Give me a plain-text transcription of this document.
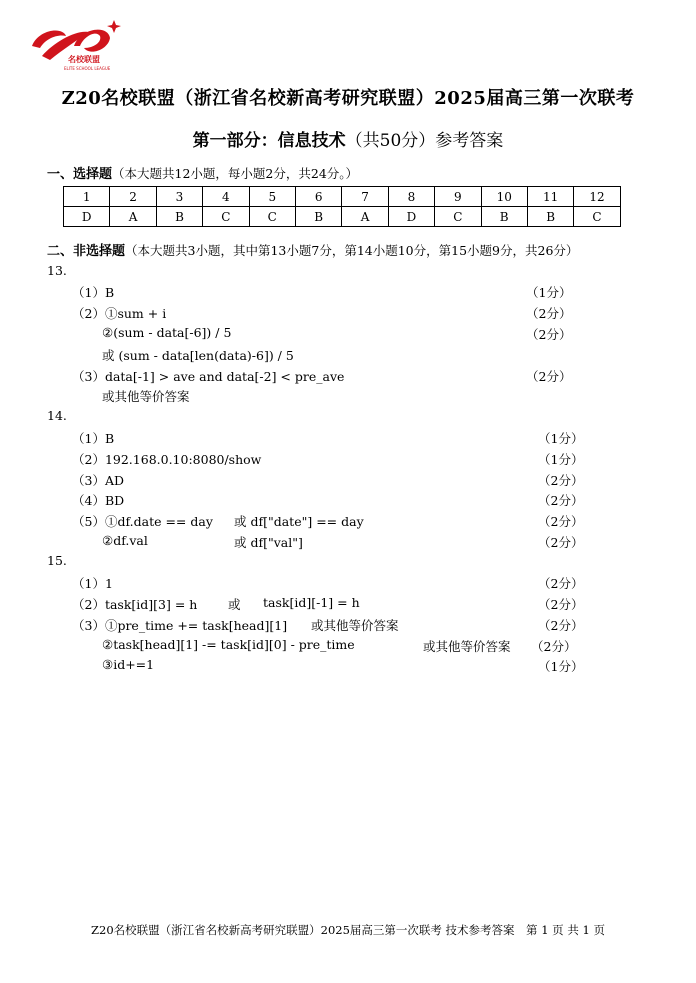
名校联盟
ELITE SCHOOL LEAGUE
Z20名校联盟（浙江省名校新高考研究联盟）2025届高三第一次联考
第一部分：信息技术（共50分）参考答案
一、选择题（本大题共12小题，每小题2分，共24分。）
1	2	3	4	5	6	7	8	9	10	11	12
D	A	B	C	C	B	A	D	C	B	B	C
二、非选择题（本大题共3小题，其中第13小题7分，第14小题10分，第15小题9分，共26分）
13.
（1）B	（1分）
（2）①sum + i	（2分）
②(sum - data[-6]) / 5	（2分）
或 (sum - data[len(data)-6]) / 5
（3）data[-1] > ave and data[-2] < pre_ave	（2分）
或其他等价答案
14.
（1）B	（1分）
（2）192.168.0.10:8080/show	（1分）
（3）AD	（2分）
（4）BD	（2分）
（5）①df.date == day 或 df["date"] == day	（2分）
②df.val	或 df["val"]	（2分）
15.
（1）1	（2分）
（2）task[id][3] = h 或 task[id][-1] = h	（2分）
（3）①pre_time += task[head][1] 或其他等价答案	（2分）
②task[head][1] -= task[id][0] - pre_time	或其他等价答案 （2分）
③id+=1	（1分）
Z20名校联盟（浙江省名校新高考研究联盟）2025届高三第一次联考 技术参考答案　第 1 页 共 1 页
